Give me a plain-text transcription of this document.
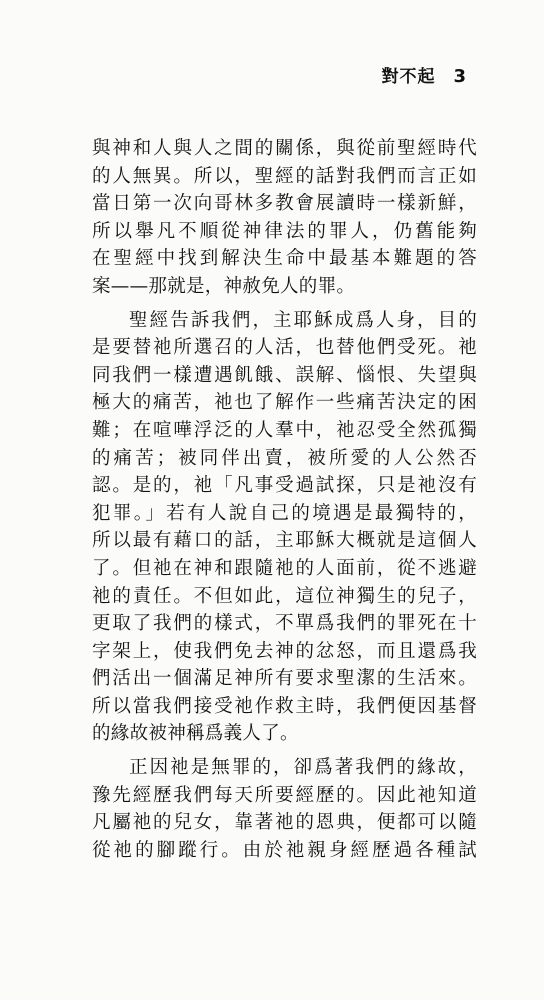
對不起 3
與神和人與人之間的關係，與從前聖經時代
的人無異。所以，聖經的話對我們而言正如
當日第一次向哥林多教會展讀時一樣新鮮，
所以舉凡不順從神律法的罪人，仍舊能夠
在聖經中找到解決生命中最基本難題的答
案——那就是，神赦免人的罪。
聖經告訴我們，主耶穌成爲人身，目的
是要替祂所選召的人活，也替他們受死。祂
同我們一樣遭遇飢餓、誤解、惱恨、失望與
極大的痛苦，祂也了解作一些痛苦決定的困
難；在喧嘩浮泛的人羣中，祂忍受全然孤獨
的痛苦；被同伴出賣，被所愛的人公然否
認。是的，祂「凡事受過試探，只是祂沒有
犯罪。」若有人說自己的境遇是最獨特的，
所以最有藉口的話，主耶穌大概就是這個人
了。但祂在神和跟隨祂的人面前，從不逃避
祂的責任。不但如此，這位神獨生的兒子，
更取了我們的樣式，不單爲我們的罪死在十
字架上，使我們免去神的忿怒，而且還爲我
們活出一個滿足神所有要求聖潔的生活來。
所以當我們接受祂作救主時，我們便因基督
的緣故被神稱爲義人了。
正因祂是無罪的，卻爲著我們的緣故，
豫先經歷我們每天所要經歷的。因此祂知道
凡屬祂的兒女，靠著祂的恩典，便都可以隨
從祂的腳蹤行。由於祂親身經歷過各種試
